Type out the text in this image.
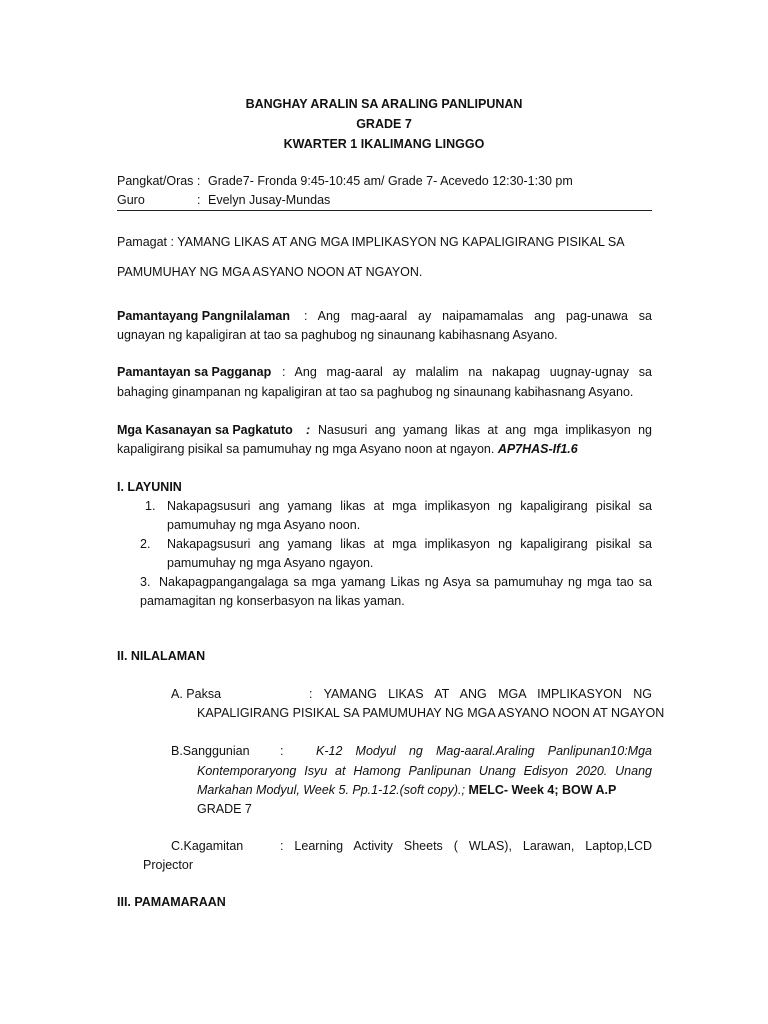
BANGHAY ARALIN SA ARALING PANLIPUNAN
GRADE 7
KWARTER 1 IKALIMANG LINGGO
Pangkat/Oras : Grade7- Fronda 9:45-10:45 am/ Grade 7- Acevedo 12:30-1:30 pm
Guro	: Evelyn Jusay-Mundas
Pamagat : YAMANG LIKAS AT ANG MGA IMPLIKASYON NG KAPALIGIRANG PISIKAL SA
PAMUMUHAY NG MGA ASYANO NOON AT NGAYON.
Pamantayang Pangnilalaman : Ang mag-aaral ay naipamamalas ang pag-unawa sa
ugnayan ng kapaligiran at tao sa paghubog ng sinaunang kabihasnang Asyano.
Pamantayan sa Pagganap : Ang mag-aaral ay malalim na nakapag uugnay-ugnay sa
bahaging ginampanan ng kapaligiran at tao sa paghubog ng sinaunang kabihasnang Asyano.
Mga Kasanayan sa Pagkatuto : Nasusuri ang yamang likas at ang mga implikasyon ng
kapaligirang pisikal sa pamumuhay ng mga Asyano noon at ngayon. AP7HAS-If1.6
I. LAYUNIN
1. Nakapagsusuri ang yamang likas at mga implikasyon ng kapaligirang pisikal sa
pamumuhay ng mga Asyano noon.
2. Nakapagsusuri ang yamang likas at mga implikasyon ng kapaligirang pisikal sa
pamumuhay ng mga Asyano ngayon.
3. Nakapagpangangalaga sa mga yamang Likas ng Asya sa pamumuhay ng mga tao sa
pamamagitan ng konserbasyon na likas yaman.
II. NILALAMAN
A. Paksa	: YAMANG LIKAS AT ANG MGA IMPLIKASYON NG
KAPALIGIRANG PISIKAL SA PAMUMUHAY NG MGA ASYANO NOON AT NGAYON
B.Sanggunian :	K-12 Modyul ng Mag-aaral.Araling Panlipunan10:Mga
Kontemporaryong Isyu at Hamong Panlipunan Unang Edisyon 2020. Unang
Markahan Modyul, Week 5. Pp.1-12.(soft copy).; MELC- Week 4; BOW A.P
GRADE 7
C.Kagamitan	: Learning Activity Sheets ( WLAS), Larawan, Laptop,LCD
Projector
III. PAMAMARAAN
